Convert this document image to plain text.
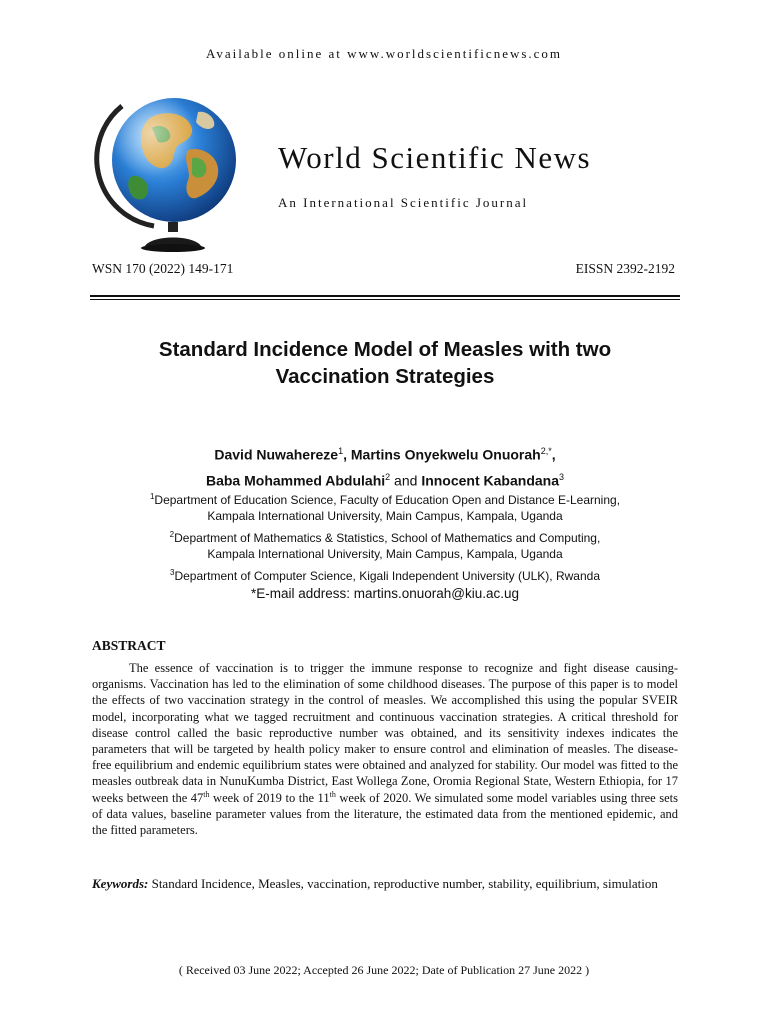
Available online at www.worldscientificnews.com
World Scientific News
An International Scientific Journal
WSN 170 (2022) 149-171	EISSN 2392-2192
Standard Incidence Model of Measles with two
Vaccination Strategies
David Nuwahereze$^1$, Martins Onyekwelu Onuorah$^{2,*}$,
Baba Mohammed Abdulahi$^2$ and Innocent Kabandana$^3$
$^1$Department of Education Science, Faculty of Education Open and Distance E-Learning,
Kampala International University, Main Campus, Kampala, Uganda
$^2$Department of Mathematics & Statistics, School of Mathematics and Computing,
Kampala International University, Main Campus, Kampala, Uganda
$^3$Department of Computer Science, Kigali Independent University (ULK), Rwanda
*E-mail address: martins.onuorah@kiu.ac.ug
ABSTRACT

The essence of vaccination is to trigger the immune response to recognize and fight disease causing-organisms. Vaccination has led to the elimination of some childhood diseases. The purpose of this paper is to model the effects of two vaccination strategy in the control of measles. We accomplished this using the popular SVEIR model, incorporating what we tagged recruitment and continuous vaccination strategies. A critical threshold for disease control called the basic reproductive number was obtained, and its sensitivity indexes indicates the parameters that will be targeted by health policy maker to ensure control and elimination of measles. The disease-free equilibrium and endemic equilibrium states were obtained and analyzed for stability. Our model was fitted to the measles outbreak data in NunuKumba District, East Wollega Zone, Oromia Regional State, Western Ethiopia, for 17 weeks between the 47th week of 2019 to the 11th week of 2020. We simulated some model variables using three sets of data values, baseline parameter values from the literature, the estimated data from the mentioned epidemic, and the fitted parameters.

Keywords: Standard Incidence, Measles, vaccination, reproductive number, stability, equilibrium, simulation

( Received 03 June 2022; Accepted 26 June 2022; Date of Publication 27 June 2022 )
